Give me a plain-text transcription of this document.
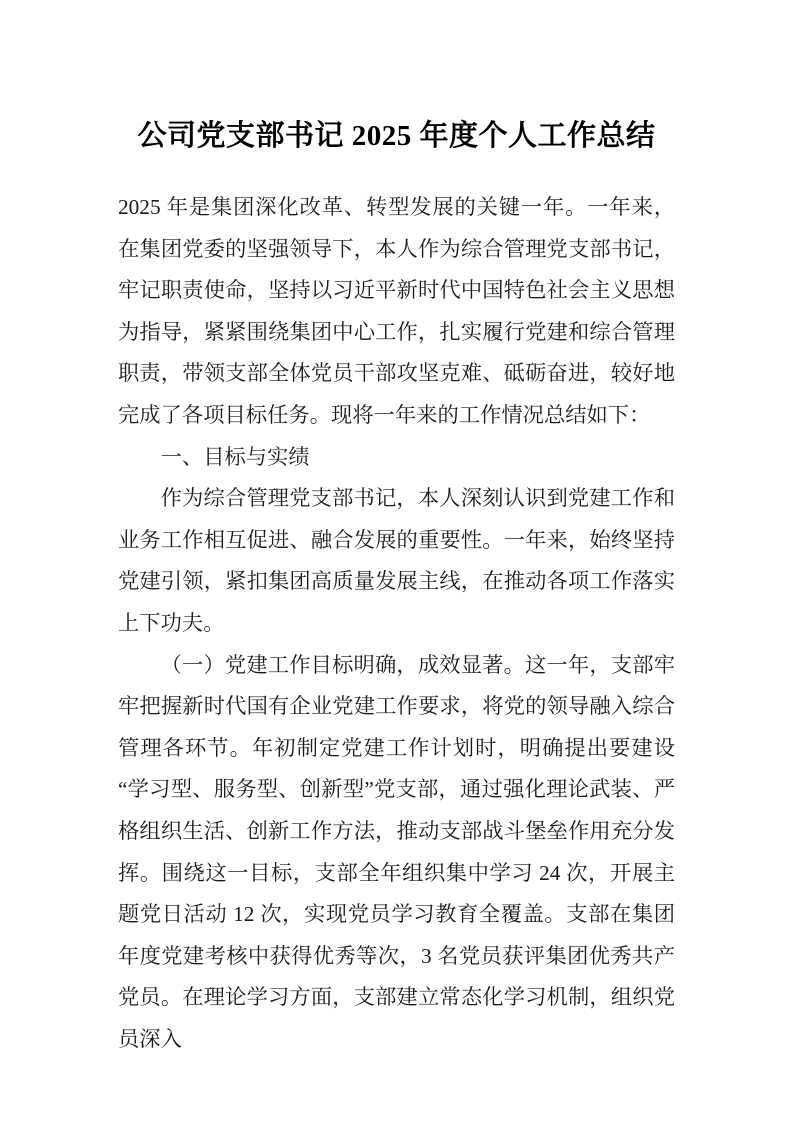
公司党支部书记 2025 年度个人工作总结

2025 年是集团深化改革、转型发展的关键一年。一年来，在集团党委的坚强领导下，本人作为综合管理党支部书记，牢记职责使命，坚持以习近平新时代中国特色社会主义思想为指导，紧紧围绕集团中心工作，扎实履行党建和综合管理职责，带领支部全体党员干部攻坚克难、砥砺奋进，较好地完成了各项目标任务。现将一年来的工作情况总结如下：

一、目标与实绩

作为综合管理党支部书记，本人深刻认识到党建工作和业务工作相互促进、融合发展的重要性。一年来，始终坚持党建引领，紧扣集团高质量发展主线，在推动各项工作落实上下功夫。

（一）党建工作目标明确，成效显著。这一年，支部牢牢把握新时代国有企业党建工作要求，将党的领导融入综合管理各环节。年初制定党建工作计划时，明确提出要建设“学习型、服务型、创新型”党支部，通过强化理论武装、严格组织生活、创新工作方法，推动支部战斗堡垒作用充分发挥。围绕这一目标，支部全年组织集中学习 24 次，开展主题党日活动 12 次，实现党员学习教育全覆盖。支部在集团年度党建考核中获得优秀等次，3 名党员获评集团优秀共产党员。在理论学习方面，支部建立常态化学习机制，组织党员深入
